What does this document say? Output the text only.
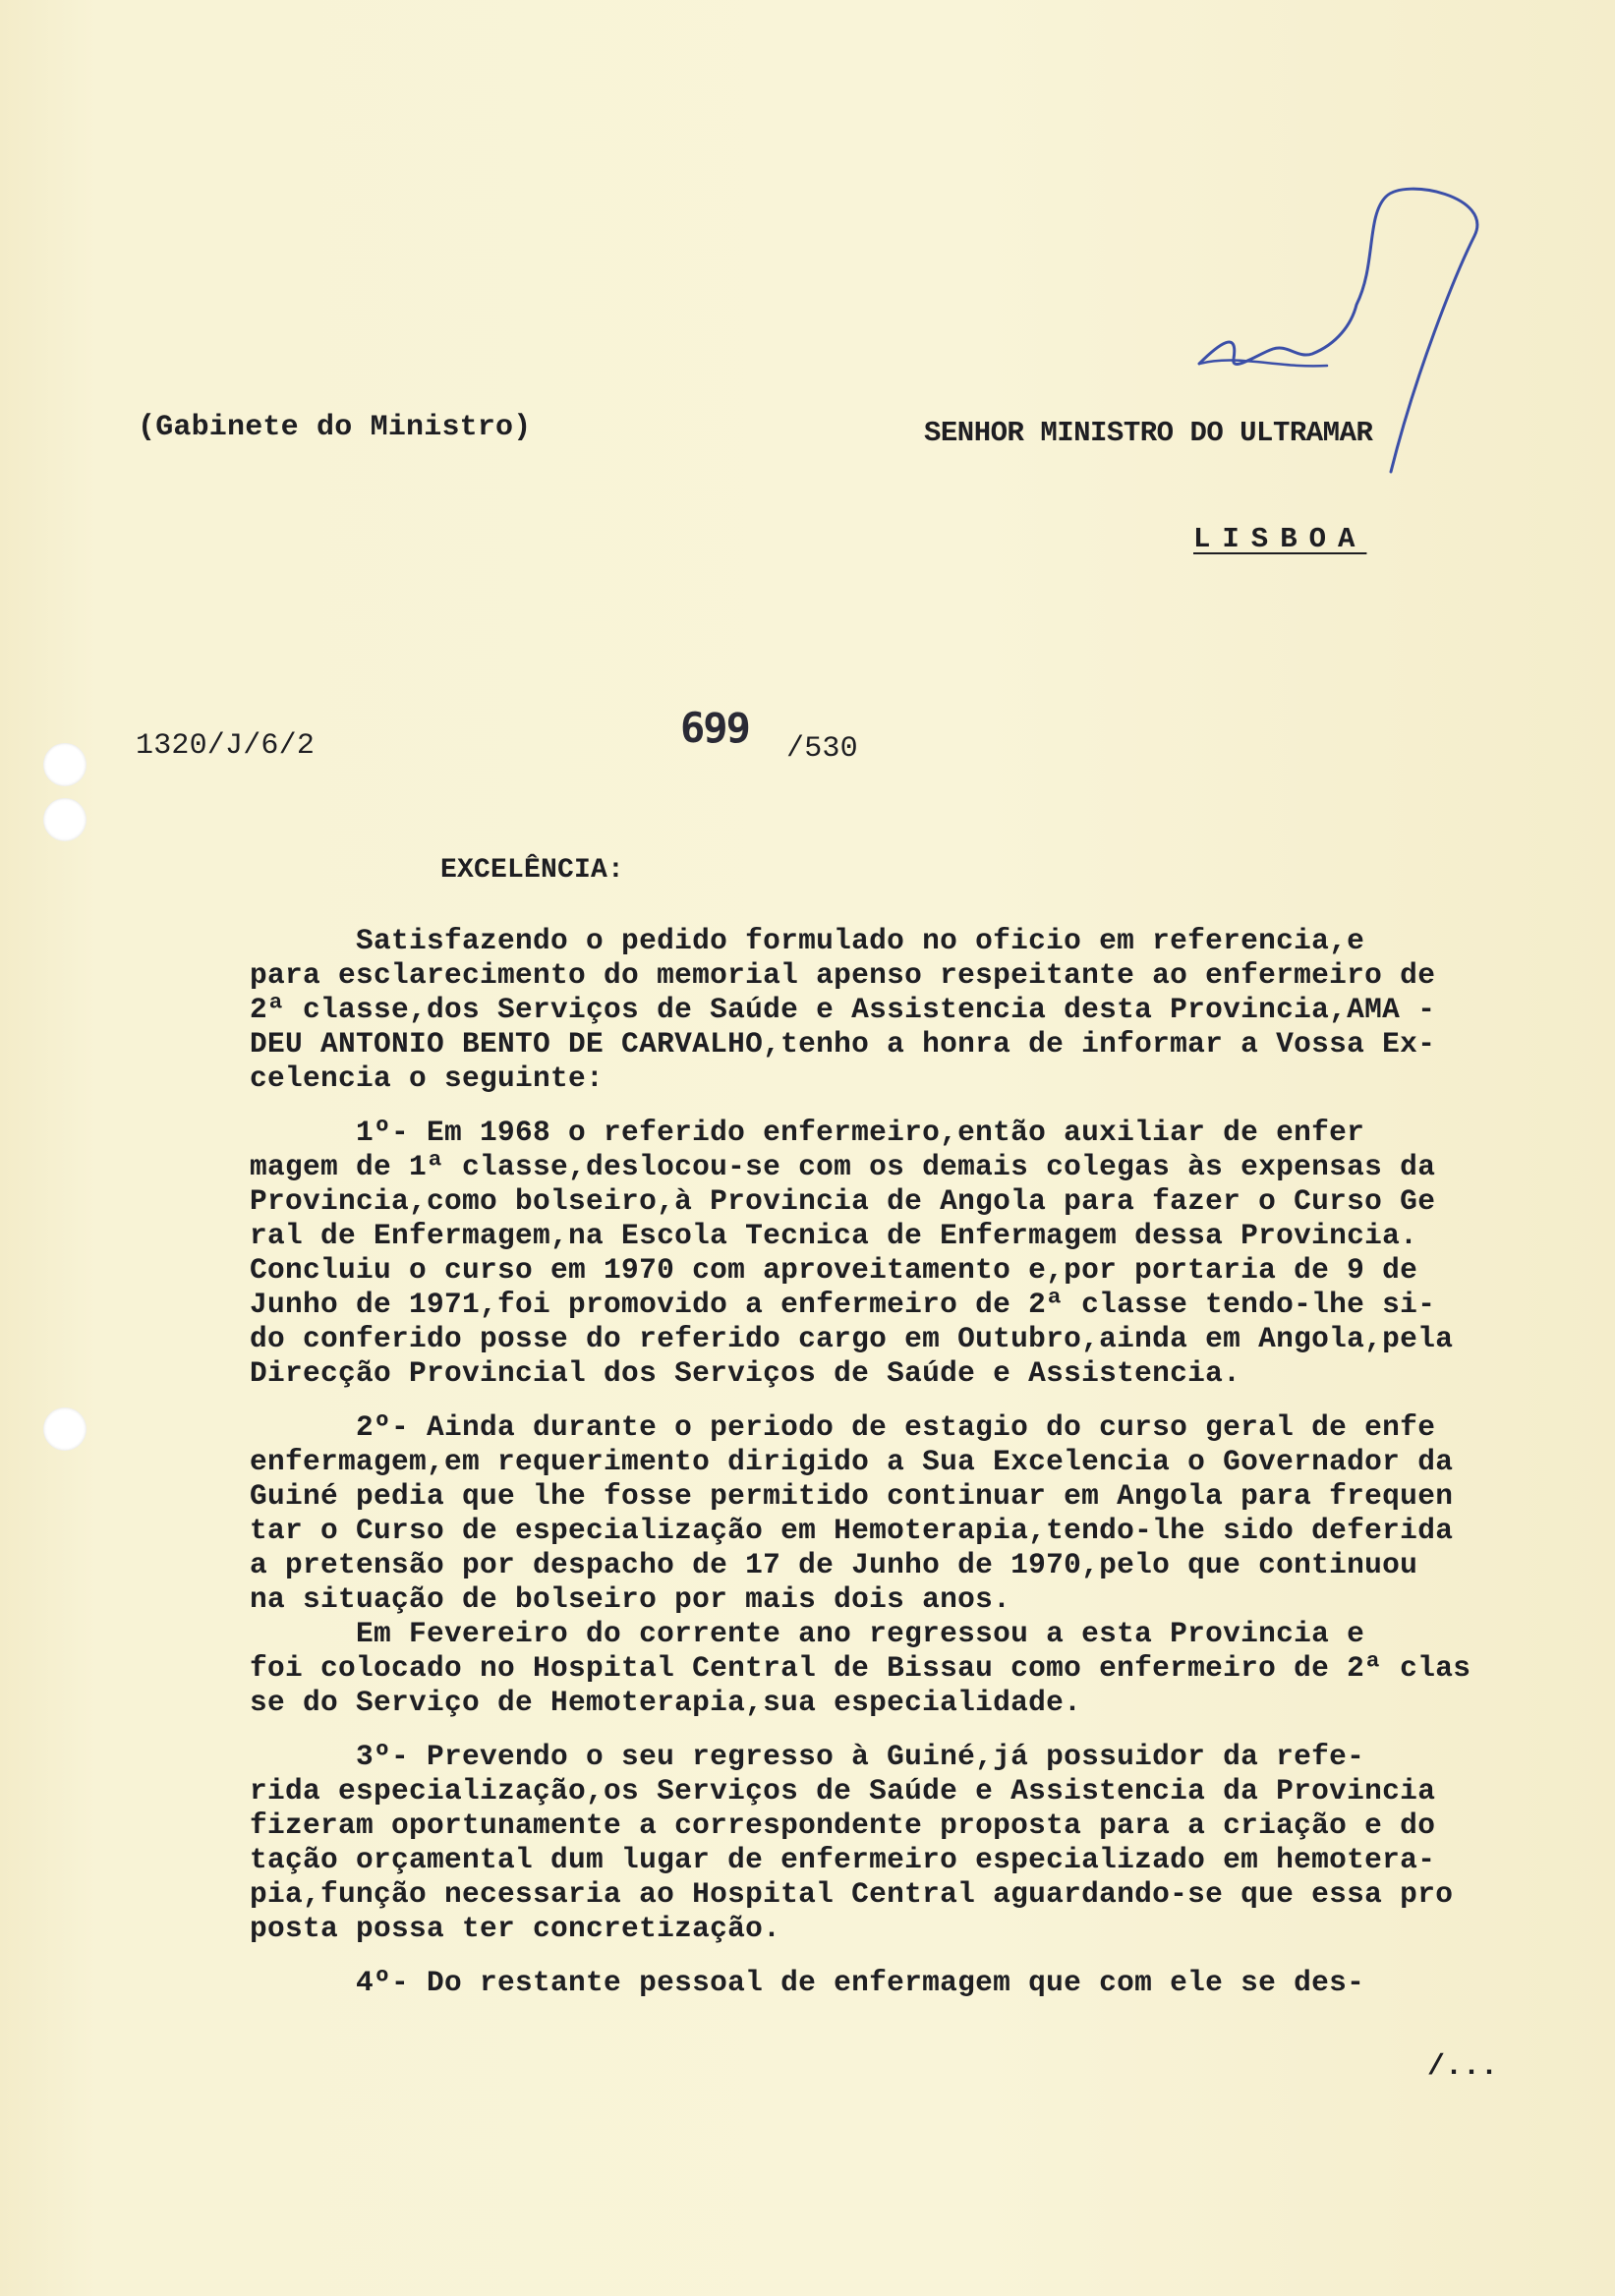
(Gabinete do Ministro)	SENHOR MINISTRO DO ULTRAMAR
LISBOA
1320/J/6/2	699 /530
EXCELÊNCIA:
Satisfazendo o pedido formulado no oficio em referencia,e
para esclarecimento do memorial apenso respeitante ao enfermeiro de
2ª classe,dos Serviços de Saúde e Assistencia desta Provincia,AMA -
DEU ANTONIO BENTO DE CARVALHO,tenho a honra de informar a Vossa Ex-
celencia o seguinte:
1º- Em 1968 o referido enfermeiro,então auxiliar de enfer
magem de 1ª classe,deslocou-se com os demais colegas às expensas da
Provincia,como bolseiro,à Provincia de Angola para fazer o Curso Ge
ral de Enfermagem,na Escola Tecnica de Enfermagem dessa Provincia.
Concluiu o curso em 1970 com aproveitamento e,por portaria de 9 de
Junho de 1971,foi promovido a enfermeiro de 2ª classe tendo-lhe si-
do conferido posse do referido cargo em Outubro,ainda em Angola,pela
Direcção Provincial dos Serviços de Saúde e Assistencia.
2º- Ainda durante o periodo de estagio do curso geral de enfe
enfermagem,em requerimento dirigido a Sua Excelencia o Governador da
Guiné pedia que lhe fosse permitido continuar em Angola para frequen
tar o Curso de especialização em Hemoterapia,tendo-lhe sido deferida
a pretensão por despacho de 17 de Junho de 1970,pelo que continuou
na situação de bolseiro por mais dois anos.
Em Fevereiro do corrente ano regressou a esta Provincia e
foi colocado no Hospital Central de Bissau como enfermeiro de 2ª clas
se do Serviço de Hemoterapia,sua especialidade.
3º- Prevendo o seu regresso à Guiné,já possuidor da refe-
rida especialização,os Serviços de Saúde e Assistencia da Provincia
fizeram oportunamente a correspondente proposta para a criação e do
tação orçamental dum lugar de enfermeiro especializado em hemotera-
pia,função necessaria ao Hospital Central aguardando-se que essa pro
posta possa ter concretização.
4º- Do restante pessoal de enfermagem que com ele se des-
/...
